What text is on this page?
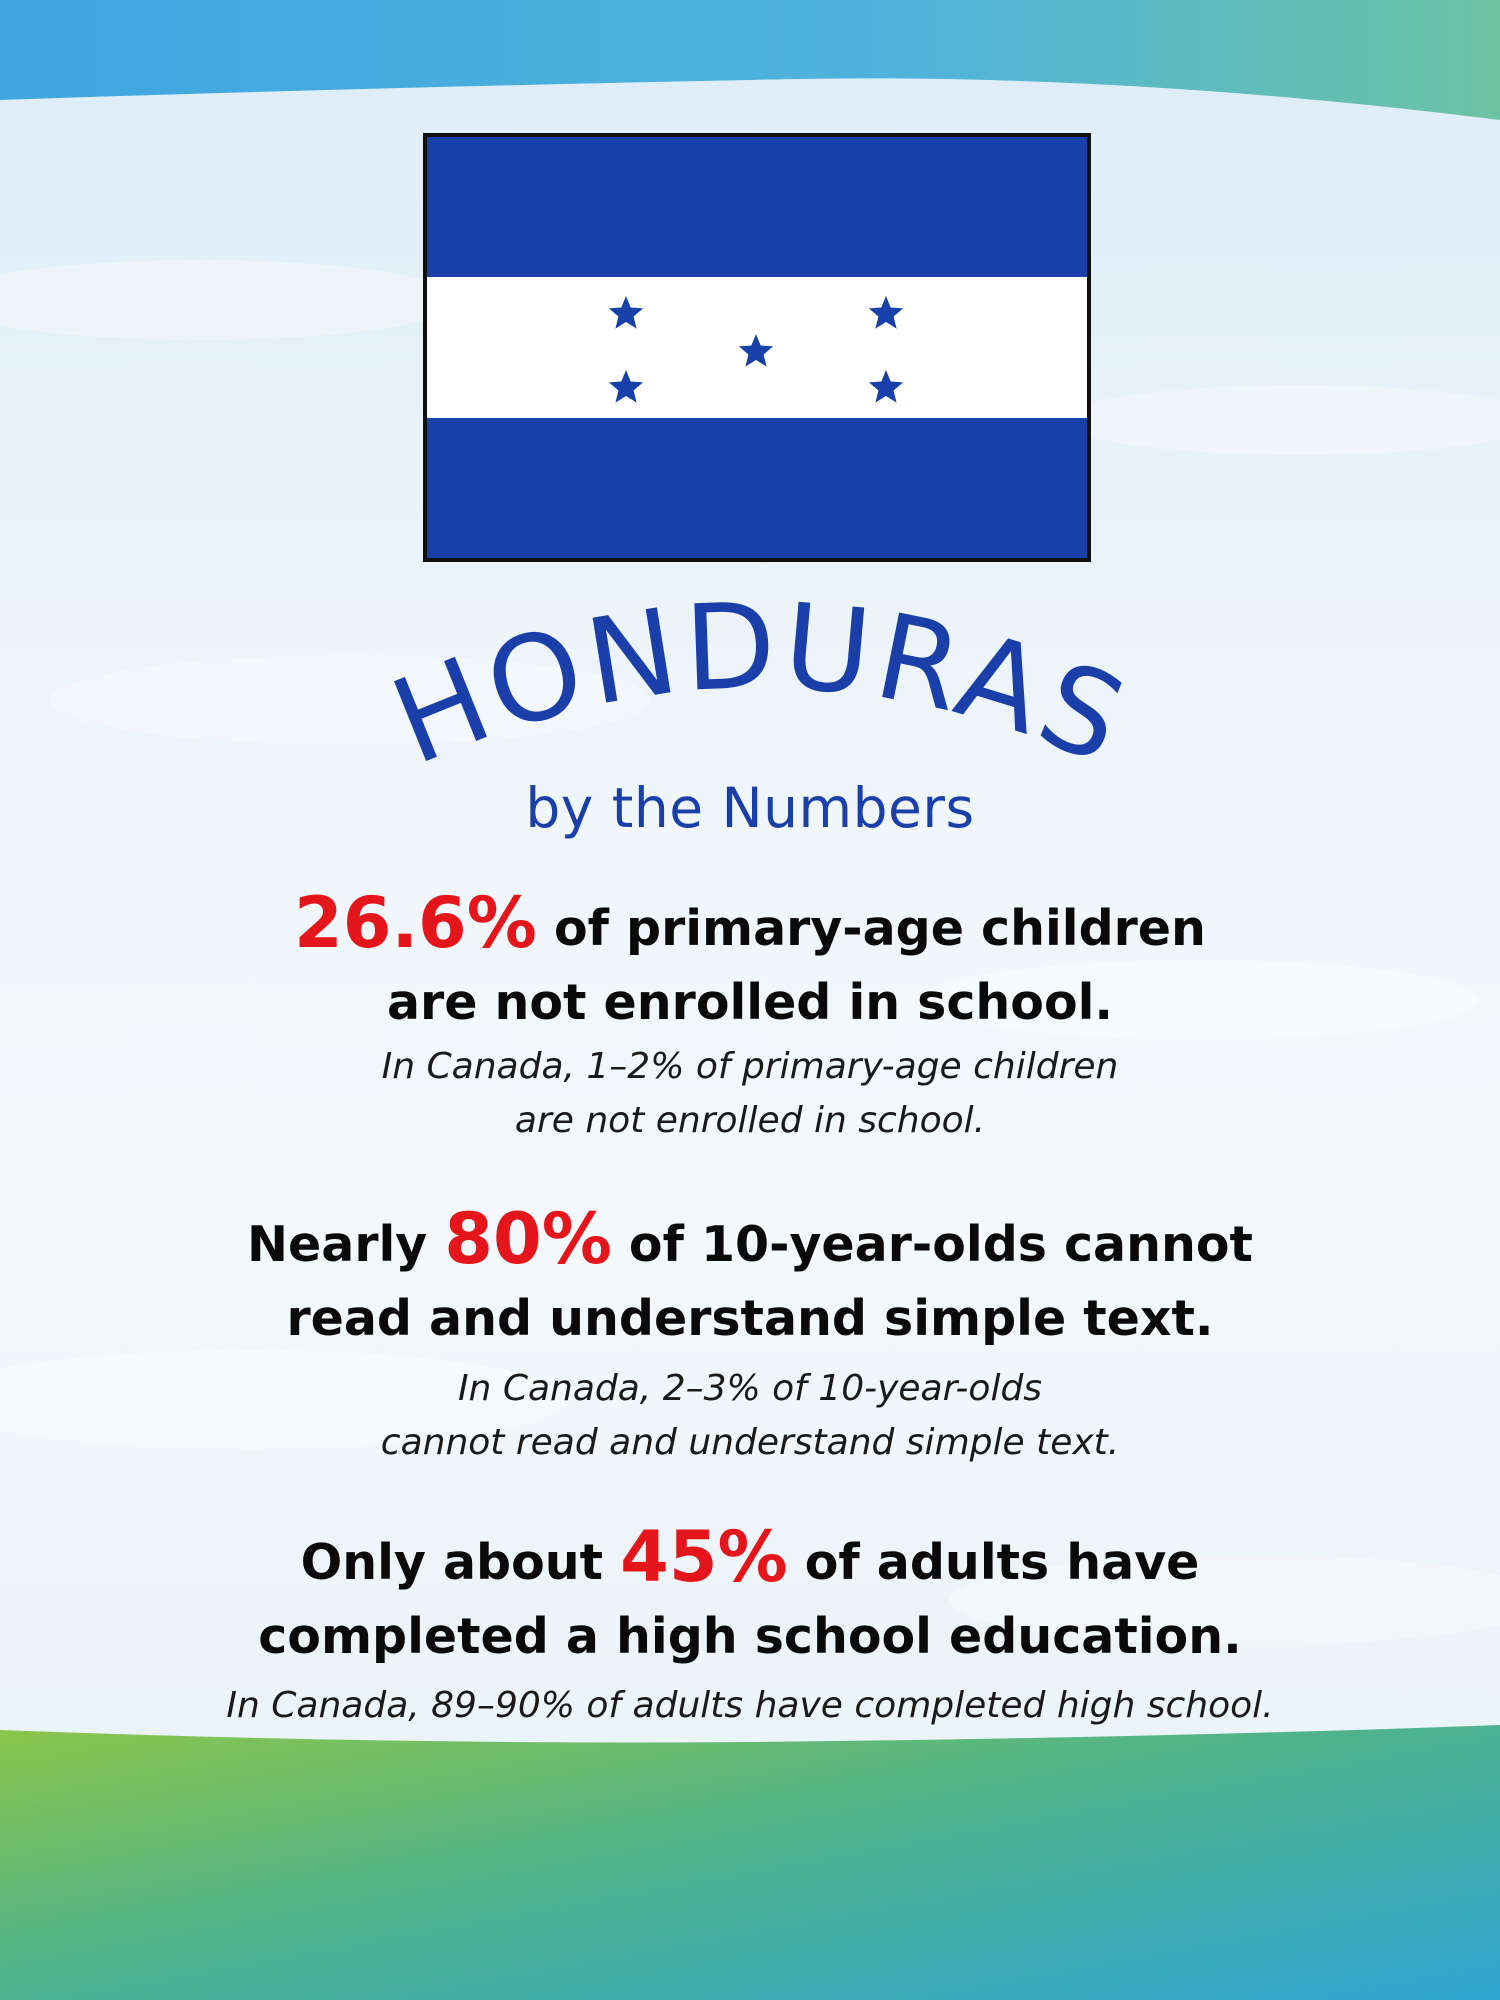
HONDURAS
by the Numbers
26.6% of primary-age children
are not enrolled in school.
In Canada, 1–2% of primary-age children
are not enrolled in school.
Nearly 80% of 10-year-olds cannot
read and understand simple text.
In Canada, 2–3% of 10-year-olds
cannot read and understand simple text.
Only about 45% of adults have
completed a high school education.
In Canada, 89–90% of adults have completed high school.
